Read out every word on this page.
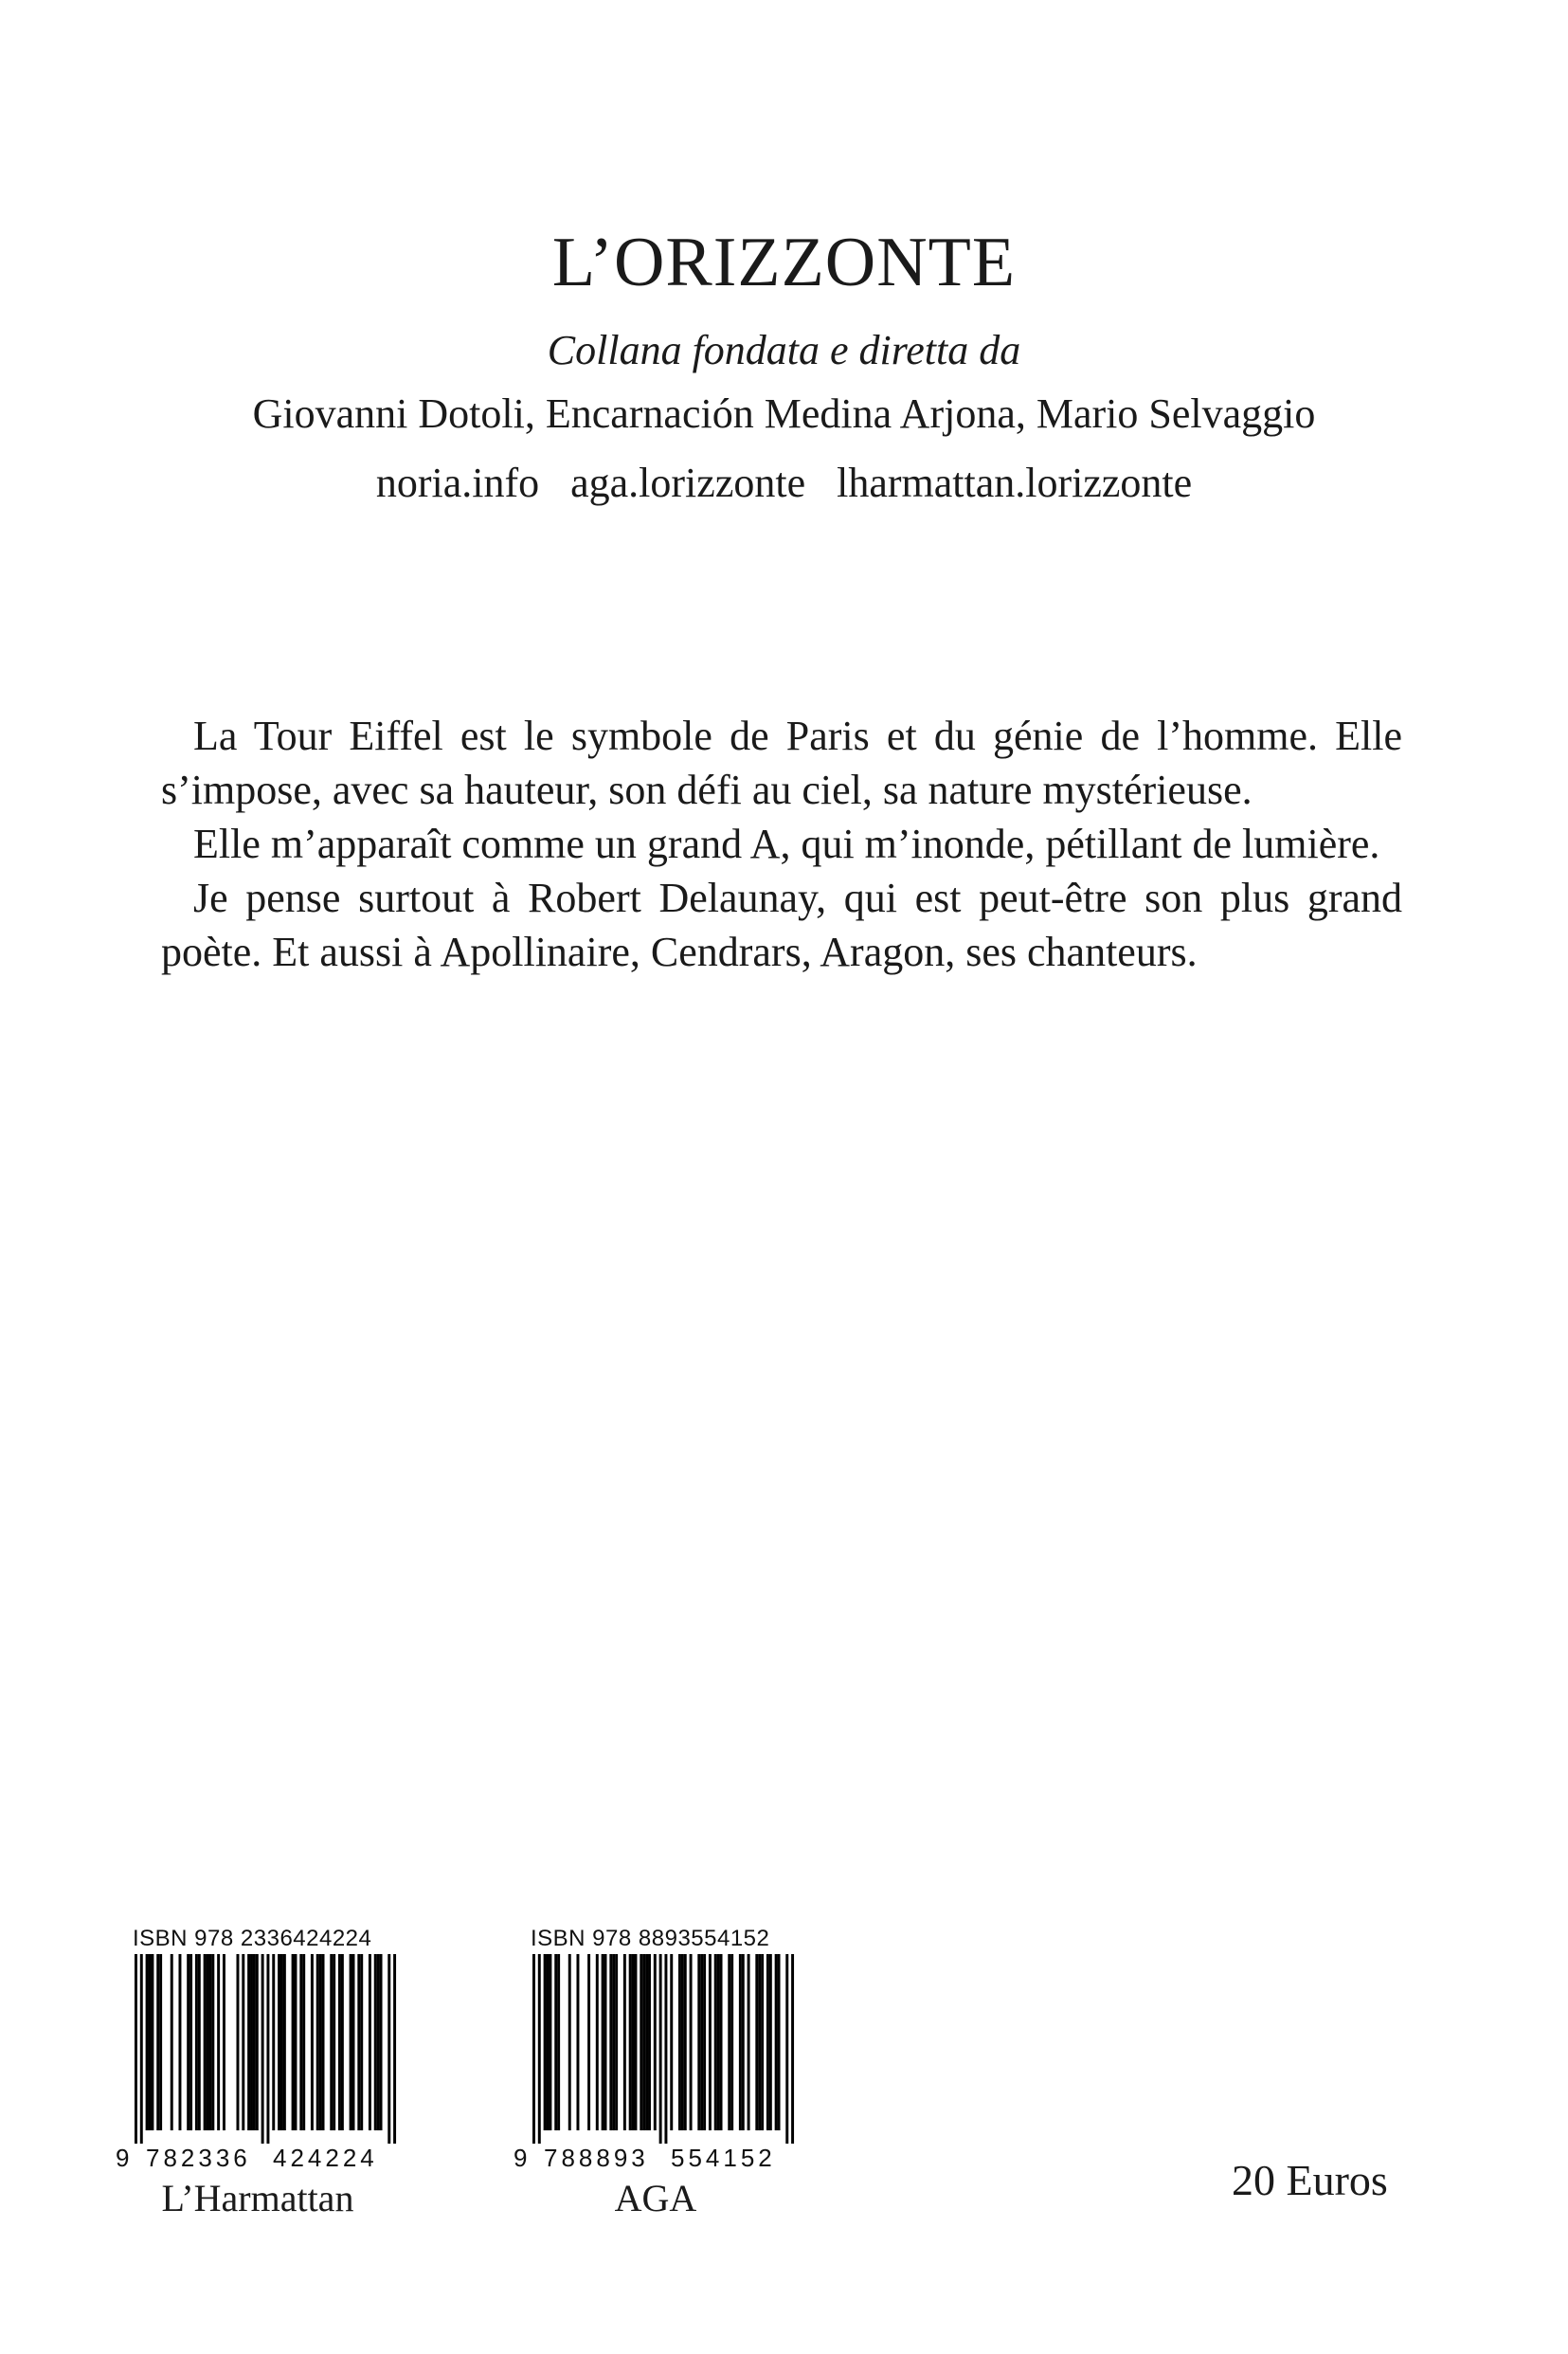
L’ORIZZONTE
Collana fondata e diretta da
Giovanni Dotoli, Encarnación Medina Arjona, Mario Selvaggio
noria.info aga.lorizzonte lharmattan.lorizzonte

La Tour Eiffel est le symbole de Paris et du génie de l’homme. Elle s’impose, avec sa hauteur, son défi au ciel, sa nature mystérieuse.

Elle m’apparaît comme un grand A, qui m’inonde, pétillant de lumière.

Je pense surtout à Robert Delaunay, qui est peut-être son plus grand poète. Et aussi à Apollinaire, Cendrars, Aragon, ses chanteurs.

ISBN 978 2336424224
9 782336 424224
L’Harmattan
ISBN 978 8893554152
9 788893 554152
AGA	20 Euros
